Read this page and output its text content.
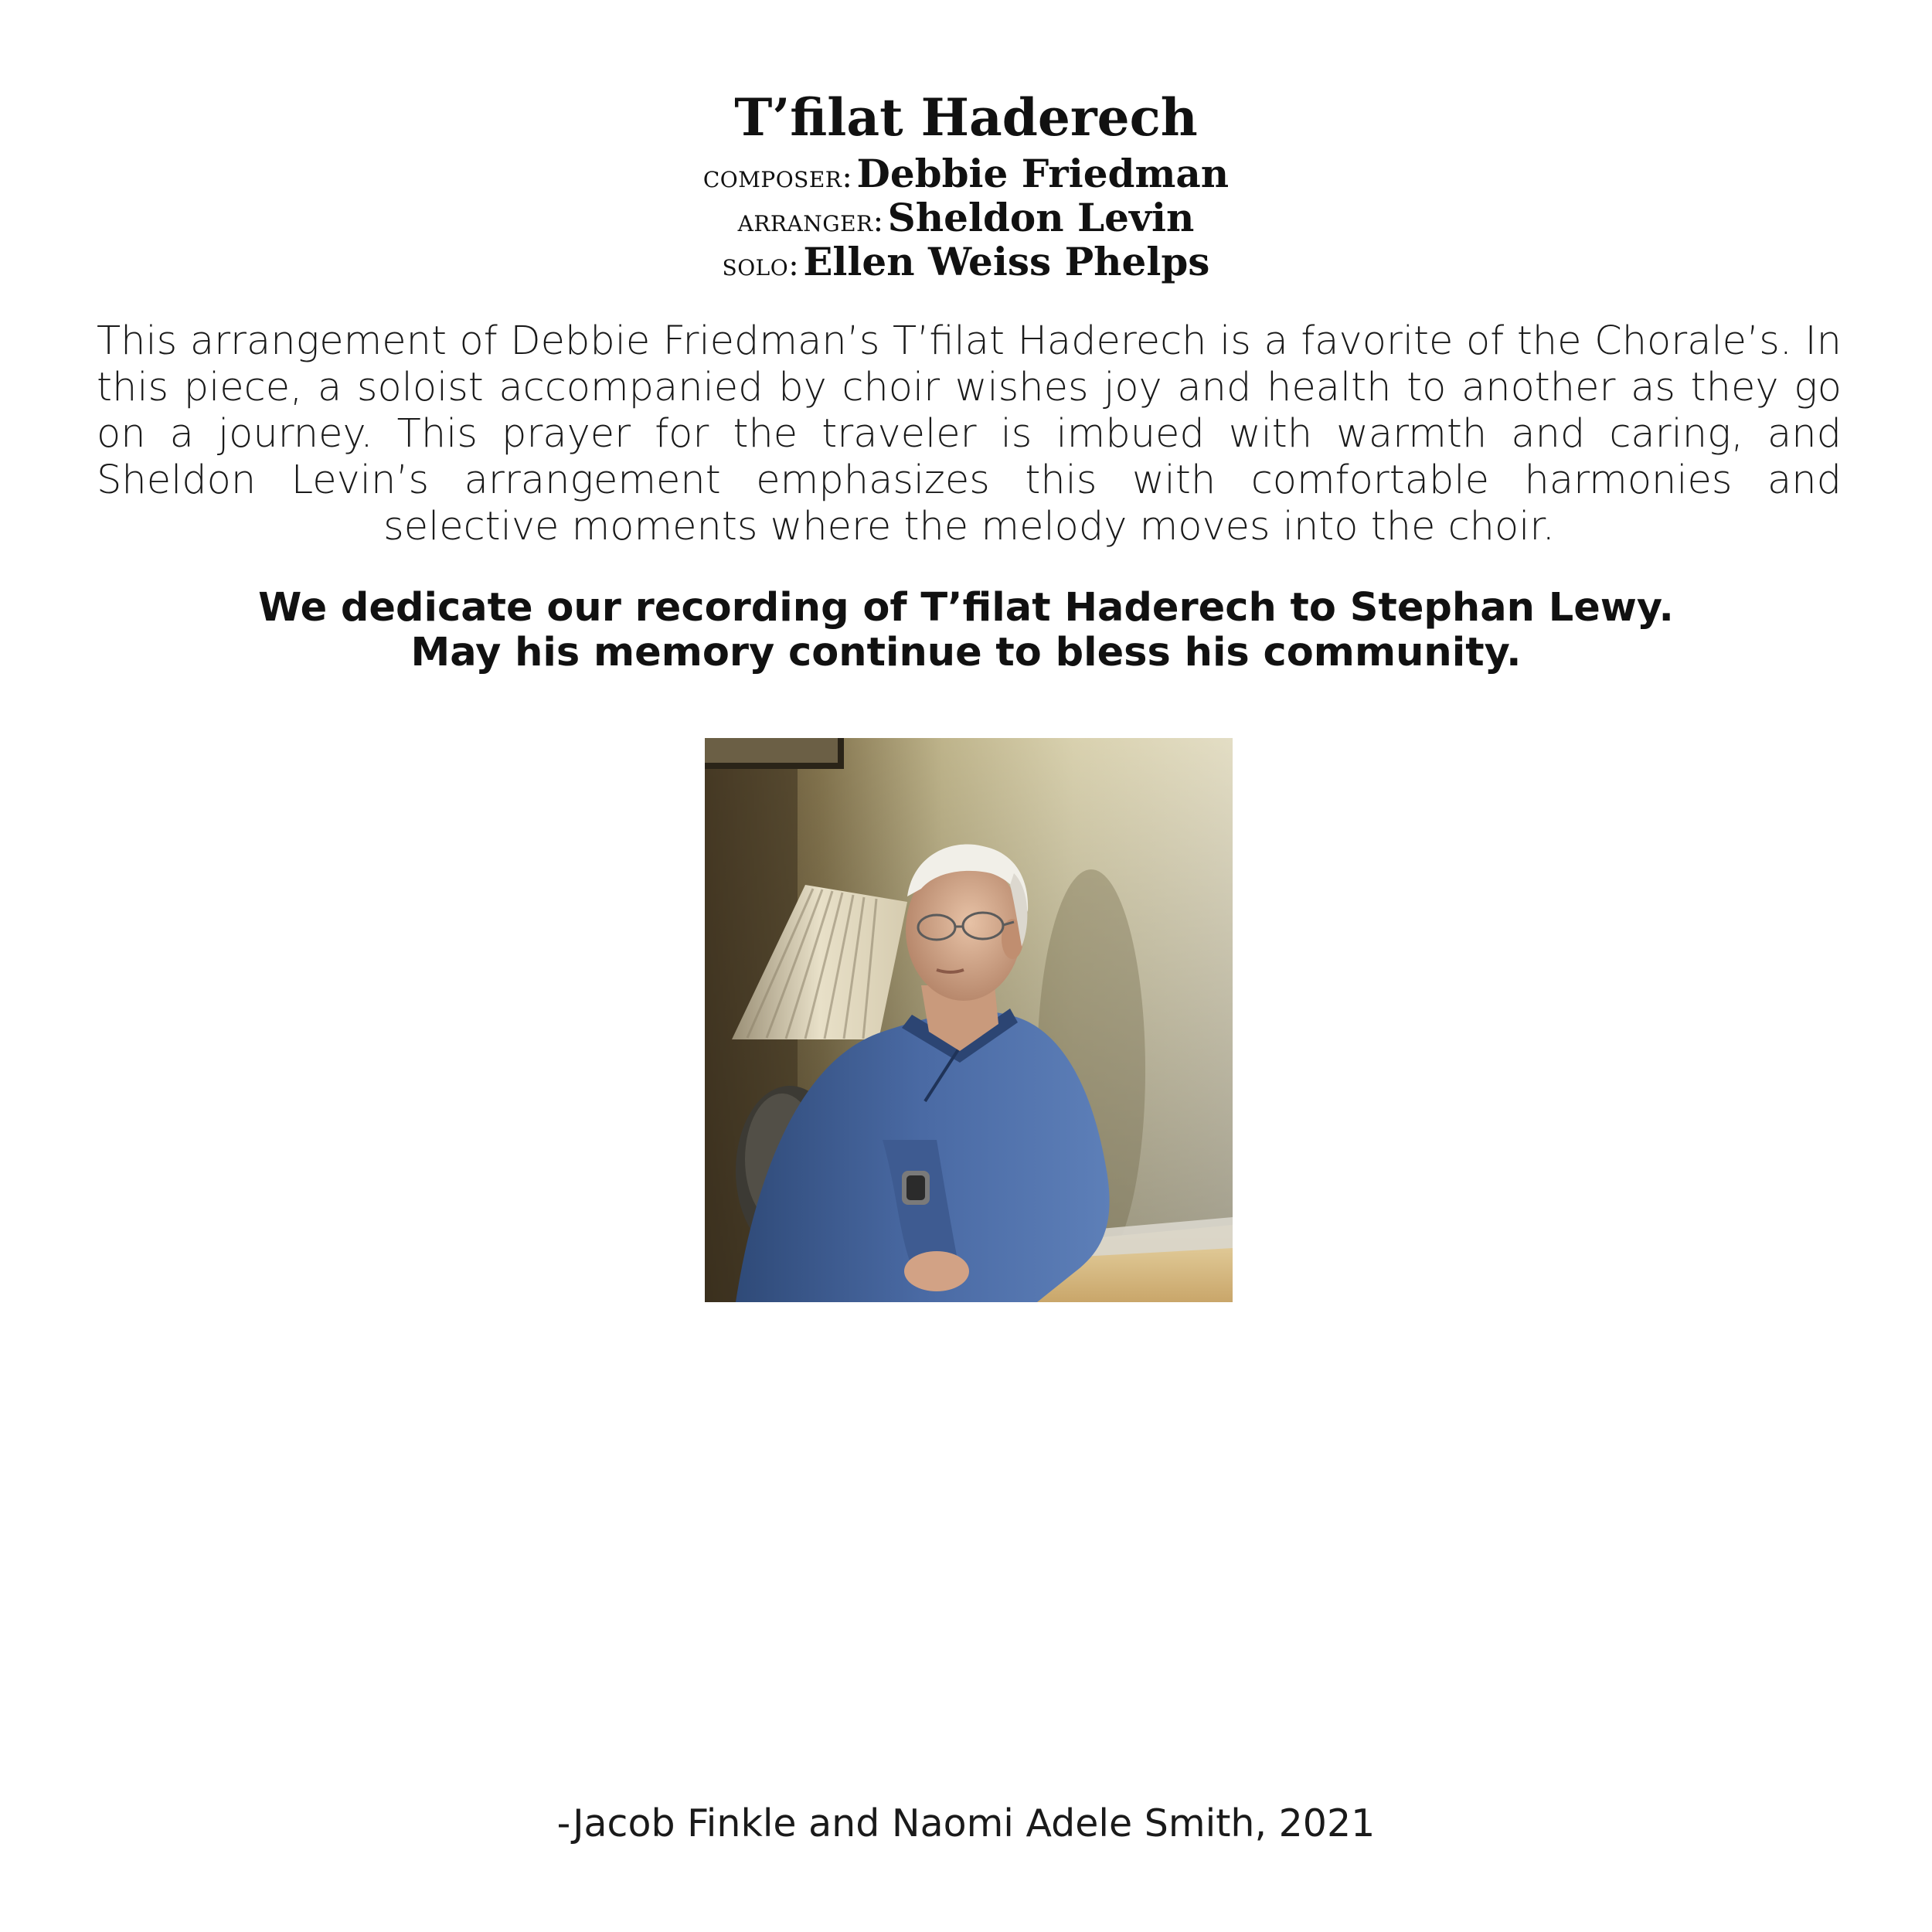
T’filat Haderech
composer: Debbie Friedman
arranger: Sheldon Levin
solo: Ellen Weiss Phelps
This arrangement of Debbie Friedman’s T’filat Haderech is a favorite of the Chorale’s. In this piece, a soloist accompanied by choir wishes joy and health to another as they go on a journey. This prayer for the traveler is imbued with warmth and caring, and Sheldon Levin’s arrangement emphasizes this with comfortable harmonies and selective moments where the melody moves into the choir.
We dedicate our recording of T’filat Haderech to Stephan Lewy.
May his memory continue to bless his community.
-Jacob Finkle and Naomi Adele Smith, 2021
